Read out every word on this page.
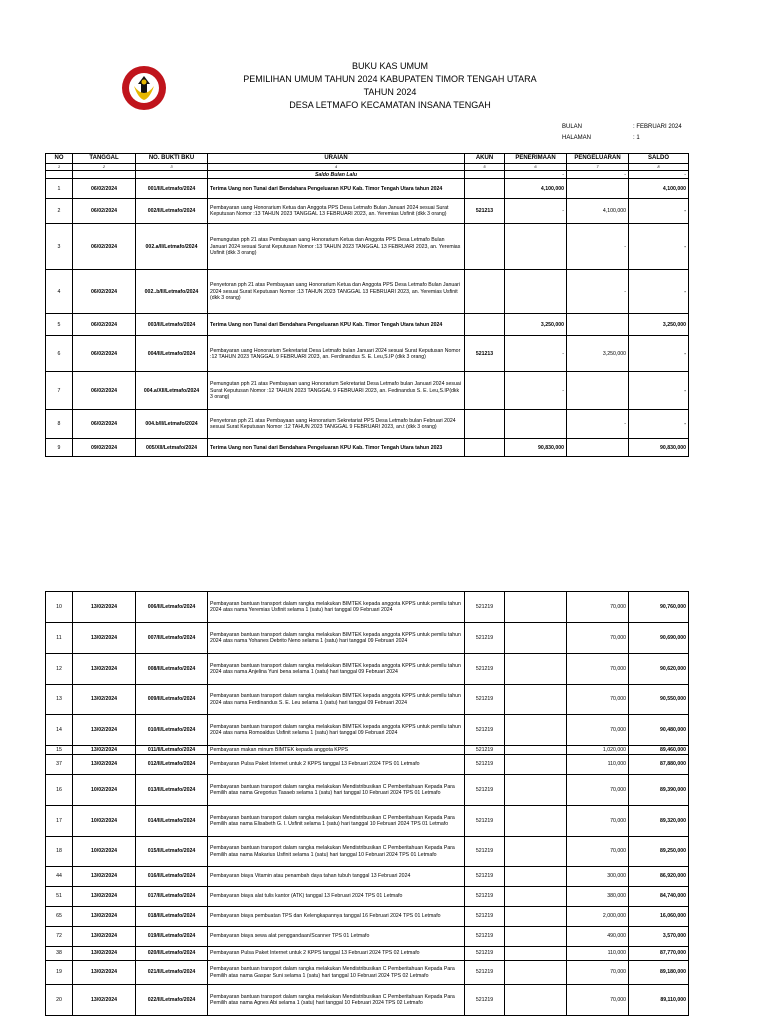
BUKU KAS UMUM
PEMILIHAN UMUM TAHUN 2024 KABUPATEN TIMOR TENGAH UTARA
TAHUN 2024
DESA LETMAFO KECAMATAN INSANA TENGAH
BULAN
HALAMAN
: FEBRUARI 2024
: 1
NO	TANGGAL	NO. BUKTI BKU	URAIAN	AKUN	PENERIMAAN	PENGELUARAN	SALDO
1	2	3	4	5	6	7	8
			Saldo Bulan Lalu		-	-	-
1	06/02/2024	001/II/Letmafo/2024	Terima Uang non Tunai dari Bendahara Pengeluaran KPU Kab. Timor Tengah Utara tahun 2024		4,100,000		4,100,000
2	06/02/2024	002/II/Letmafo/2024	Pembayaran uang Honorarium Ketua dan Anggota PPS Desa Letmafo Bulan Januari 2024 sesuai Surat Keputusan Nomor :13 TAHUN 2023 TANGGAL 13 FEBRUARI 2023, an. Yeremias Usfinit (dkk 3 orang)	521213	-	4,100,000	-
3	06/02/2024	002.a/II/Letmafo/2024	Pemungutan pph 21 atas Pembayaan uang Honorarium Ketua dan Anggota PPS Desa Letmafo Bulan Januari 2024 sesuai Surat Keputusan Nomor :13 TAHUN 2023 TANGGAL 13 FEBRUARI 2023, an. Yeremias Usfinit (dkk 3 orang)			-	-
4	06/02/2024	002..b/II/Letmafo/2024	Penyetoran pph 21 atas Pembayaan uang Honorarium Ketua dan Anggota PPS Desa Letmafo Bulan Januari 2024 sesuai Surat Keputusan Nomor :13 TAHUN 2023 TANGGAL 13 FEBRUARI 2023, an. Yeremias Usfinit (dkk 3 orang)			-	-
5	06/02/2024	003/II/Letmafo/2024	Terima Uang non Tunai dari Bendahara Pengeluaran KPU Kab. Timor Tengah Utara tahun 2024		3,250,000		3,250,000
6	06/02/2024	004/II/Letmafo/2024	Pembayaran uang Honorarium Sekretariat Desa Letmafo bulan Januari 2024 sesuai Surat Keputusan Nomor :12 TAHUN 2023 TANGGAL 9 FEBRUARI 2023, an. Ferdinandus S. E. Leu,S.IP (dkk 3 orang)	521213	-	3,250,000	-
7	06/02/2024	004.a/XII/Letmafo/2024	Pemungutan pph 21 atas Pembayaan uang Honorarium Sekretariat Desa Letmafo bulan Januari 2024 sesuai Surat Keputusan Nomor :12 TAHUN 2023 TANGGAL 9 FEBRUARI 2023, an. Fedinandus S. E. Leu,S.IP(dkk 3 orang)		-		-
8	06/02/2024	004.b/II/Letmafo/2024	Penyetoran pph 21 atas Pembayaan uang Honorarium Sekretariat PPS Desa Letmafo bulan Februari 2024 sesuai Surat Keputusan Nomor :12 TAHUN 2023 TANGGAL 9 FEBRUARI 2023, an.t (dkk 3 orang)			-	-
9	09/02/2024	005/XII/Letmafo/2024	Terima Uang non Tunai dari Bendahara Pengeluaran KPU Kab. Timor Tengah Utara tahun 2023		90,830,000		90,830,000
10	13/02/2024	006/II/Letmafo/2024	Pembayaran bantuan transport dalam rangka melakukan BIMTEK kepada anggota KPPS untuk pemilu tahun 2024 atas nama Yeremias Usfinit selama 1 (satu) hari tanggal 09 Februari 2024	521219		70,000	90,760,000
11	13/02/2024	007/II/Letmafo/2024	Pembayaran bantuan transport dalam rangka melakukan BIMTEK kepada anggota KPPS untuk pemilu tahun 2024 atas nama Yohanes Debrito Neno selama 1 (satu) hari tanggal 09 Februari 2024	521219		70,000	90,690,000
12	13/02/2024	008/II/Letmafo/2024	Pembayaran bantuan transport dalam rangka melakukan BIMTEK kepada anggota KPPS untuk pemilu tahun 2024 atas nama Anjelina Yuni bena selama 1 (satu) hari tanggal 09 Februari 2024	521219		70,000	90,620,000
13	13/02/2024	009/II/Letmafo/2024	Pembayaran bantuan transport dalam rangka melakukan BIMTEK kepada anggota KPPS untuk pemilu tahun 2024 atas nama Ferdinandus S. E. Leu selama 1 (satu) hari tanggal 09 Februari 2024	521219		70,000	90,550,000
14	13/02/2024	010/II/Letmafo/2024	Pembayaran bantuan transport dalam rangka melakukan BIMTEK kepada anggota KPPS untuk pemilu tahun 2024 atas nama Romoaldus Usfinit selama 1 (satu) hari tanggal 09 Februari 2024	521219		70,000	90,480,000
15	13/02/2024	011/II/Letmafo/2024	Pembayaran makan minum BIMTEK kepada anggota KPPS	521219		1,020,000	89,460,000
37	13/02/2024	012/II/Letmafo/2024	Pembayaran Pulsa Paket Internet untuk 2 KPPS tanggal 13 Februari 2024 TPS 01 Letmafo	521219		110,000	87,880,000
16	10/02/2024	013/II/Letmafo/2024	Pembayaran bantuan transport dalam rangka melakukan Mendistribusikan C Pemberitahuan Kepada Para Pemilih atas nama Gregorius Tasaeb selama 1 (satu) hari tanggal 10 Februari 2024 TPS 01 Letmafo	521219		70,000	89,390,000
17	10/02/2024	014/II/Letmafo/2024	Pembayaran bantuan transport dalam rangka melakukan Mendistribusikan C Pemberitahuan Kepada Para Pemilih atas nama Elisabeth G. I. Usfinit selama 1 (satu) hari tanggal 10 Februari 2024 TPS 01 Letmafo	521219		70,000	89,320,000
18	10/02/2024	015/II/Letmafo/2024	Pembayaran bantuan transport dalam rangka melakukan Mendistribusikan C Pemberitahuan Kepada Para Pemilih atas nama Makarius Usfinit selama 1 (satu) hari tanggal 10 Februari 2024 TPS 01 Letmafo	521219		70,000	89,250,000
44	13/02/2024	016/II/Letmafo/2024	Pembayaran biaya Vitamin atau penambah daya tahan tubuh tanggal 13 Februari 2024	521219		300,000	86,920,000
51	13/02/2024	017/II/Letmafo/2024	Pembayaran biaya alat tulis kantor (ATK) tanggal 13 Februari 2024 TPS 01 Letmafo	521219		380,000	84,740,000
65	13/02/2024	018/II/Letmafo/2024	Pembayaran biaya pembuatan TPS dan Kelengkapannya tanggal 16 Februari 2024 TPS 01 Letmafo	521219		2,000,000	16,060,000
72	13/02/2024	019/II/Letmafo/2024	Pembayaran biaya sewa alat penggandaan/Scanner TPS 01 Letmafo	521219		490,000	3,570,000
38	13/02/2024	020/II/Letmafo/2024	Pembayaran Pulsa Paket Internet untuk 2 KPPS tanggal 13 Februari 2024 TPS 02 Letmafo	521219		110,000	87,770,000
19	13/02/2024	021/II/Letmafo/2024	Pembayaran bantuan transport dalam rangka melakukan Mendistribusikan C Pemberitahuan Kepada Para Pemilih atas nama Gaspar Suni selama 1 (satu) hari tanggal 10 Februari 2024 TPS 02 Letmafo	521219		70,000	89,180,000
20	13/02/2024	022/II/Letmafo/2024	Pembayaran bantuan transport dalam rangka melakukan Mendistribusikan C Pemberitahuan Kepada Para Pemilih atas nama Agnes Abi selama 1 (satu) hari tanggal 10 Februari 2024 TPS 02 Letmafo	521219		70,000	89,110,000
